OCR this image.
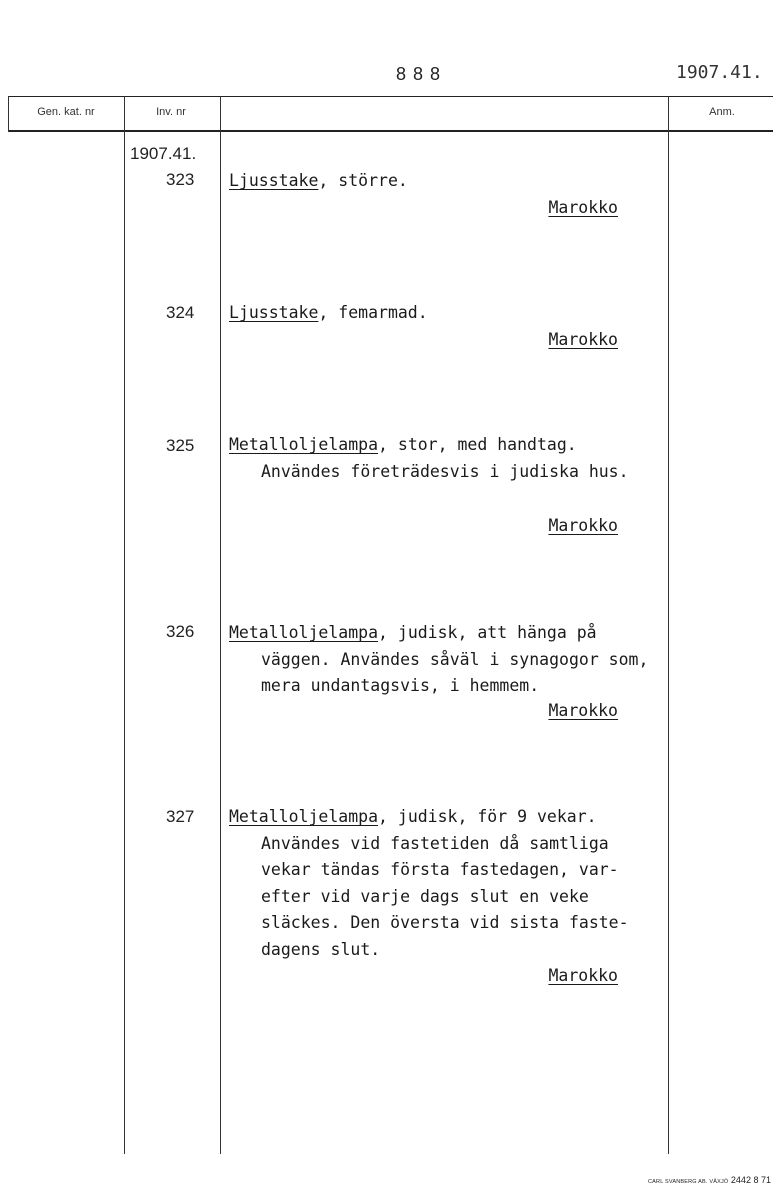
8 8 8	1907.41.
Gen. kat. nr	Inv. nr	Anm.
1907.41.
323 Ljusstake, större.
Marokko
324 Ljusstake, femarmad.
Marokko
325 Metalloljelampa, stor, med handtag.
Användes företrädesvis i judiska hus.
Marokko
326 Metalloljelampa, judisk, att hänga på
väggen. Användes såväl i synagogor som,
mera undantagsvis, i hemmem.
Marokko
327 Metalloljelampa, judisk, för 9 vekar.
Användes vid fastetiden då samtliga
vekar tändas första fastedagen, var-
efter vid varje dags slut en veke
släckes. Den översta vid sista faste-
dagens slut.
Marokko
CARL SVANBERG AB. VÄXJÖ 2442 8 71
